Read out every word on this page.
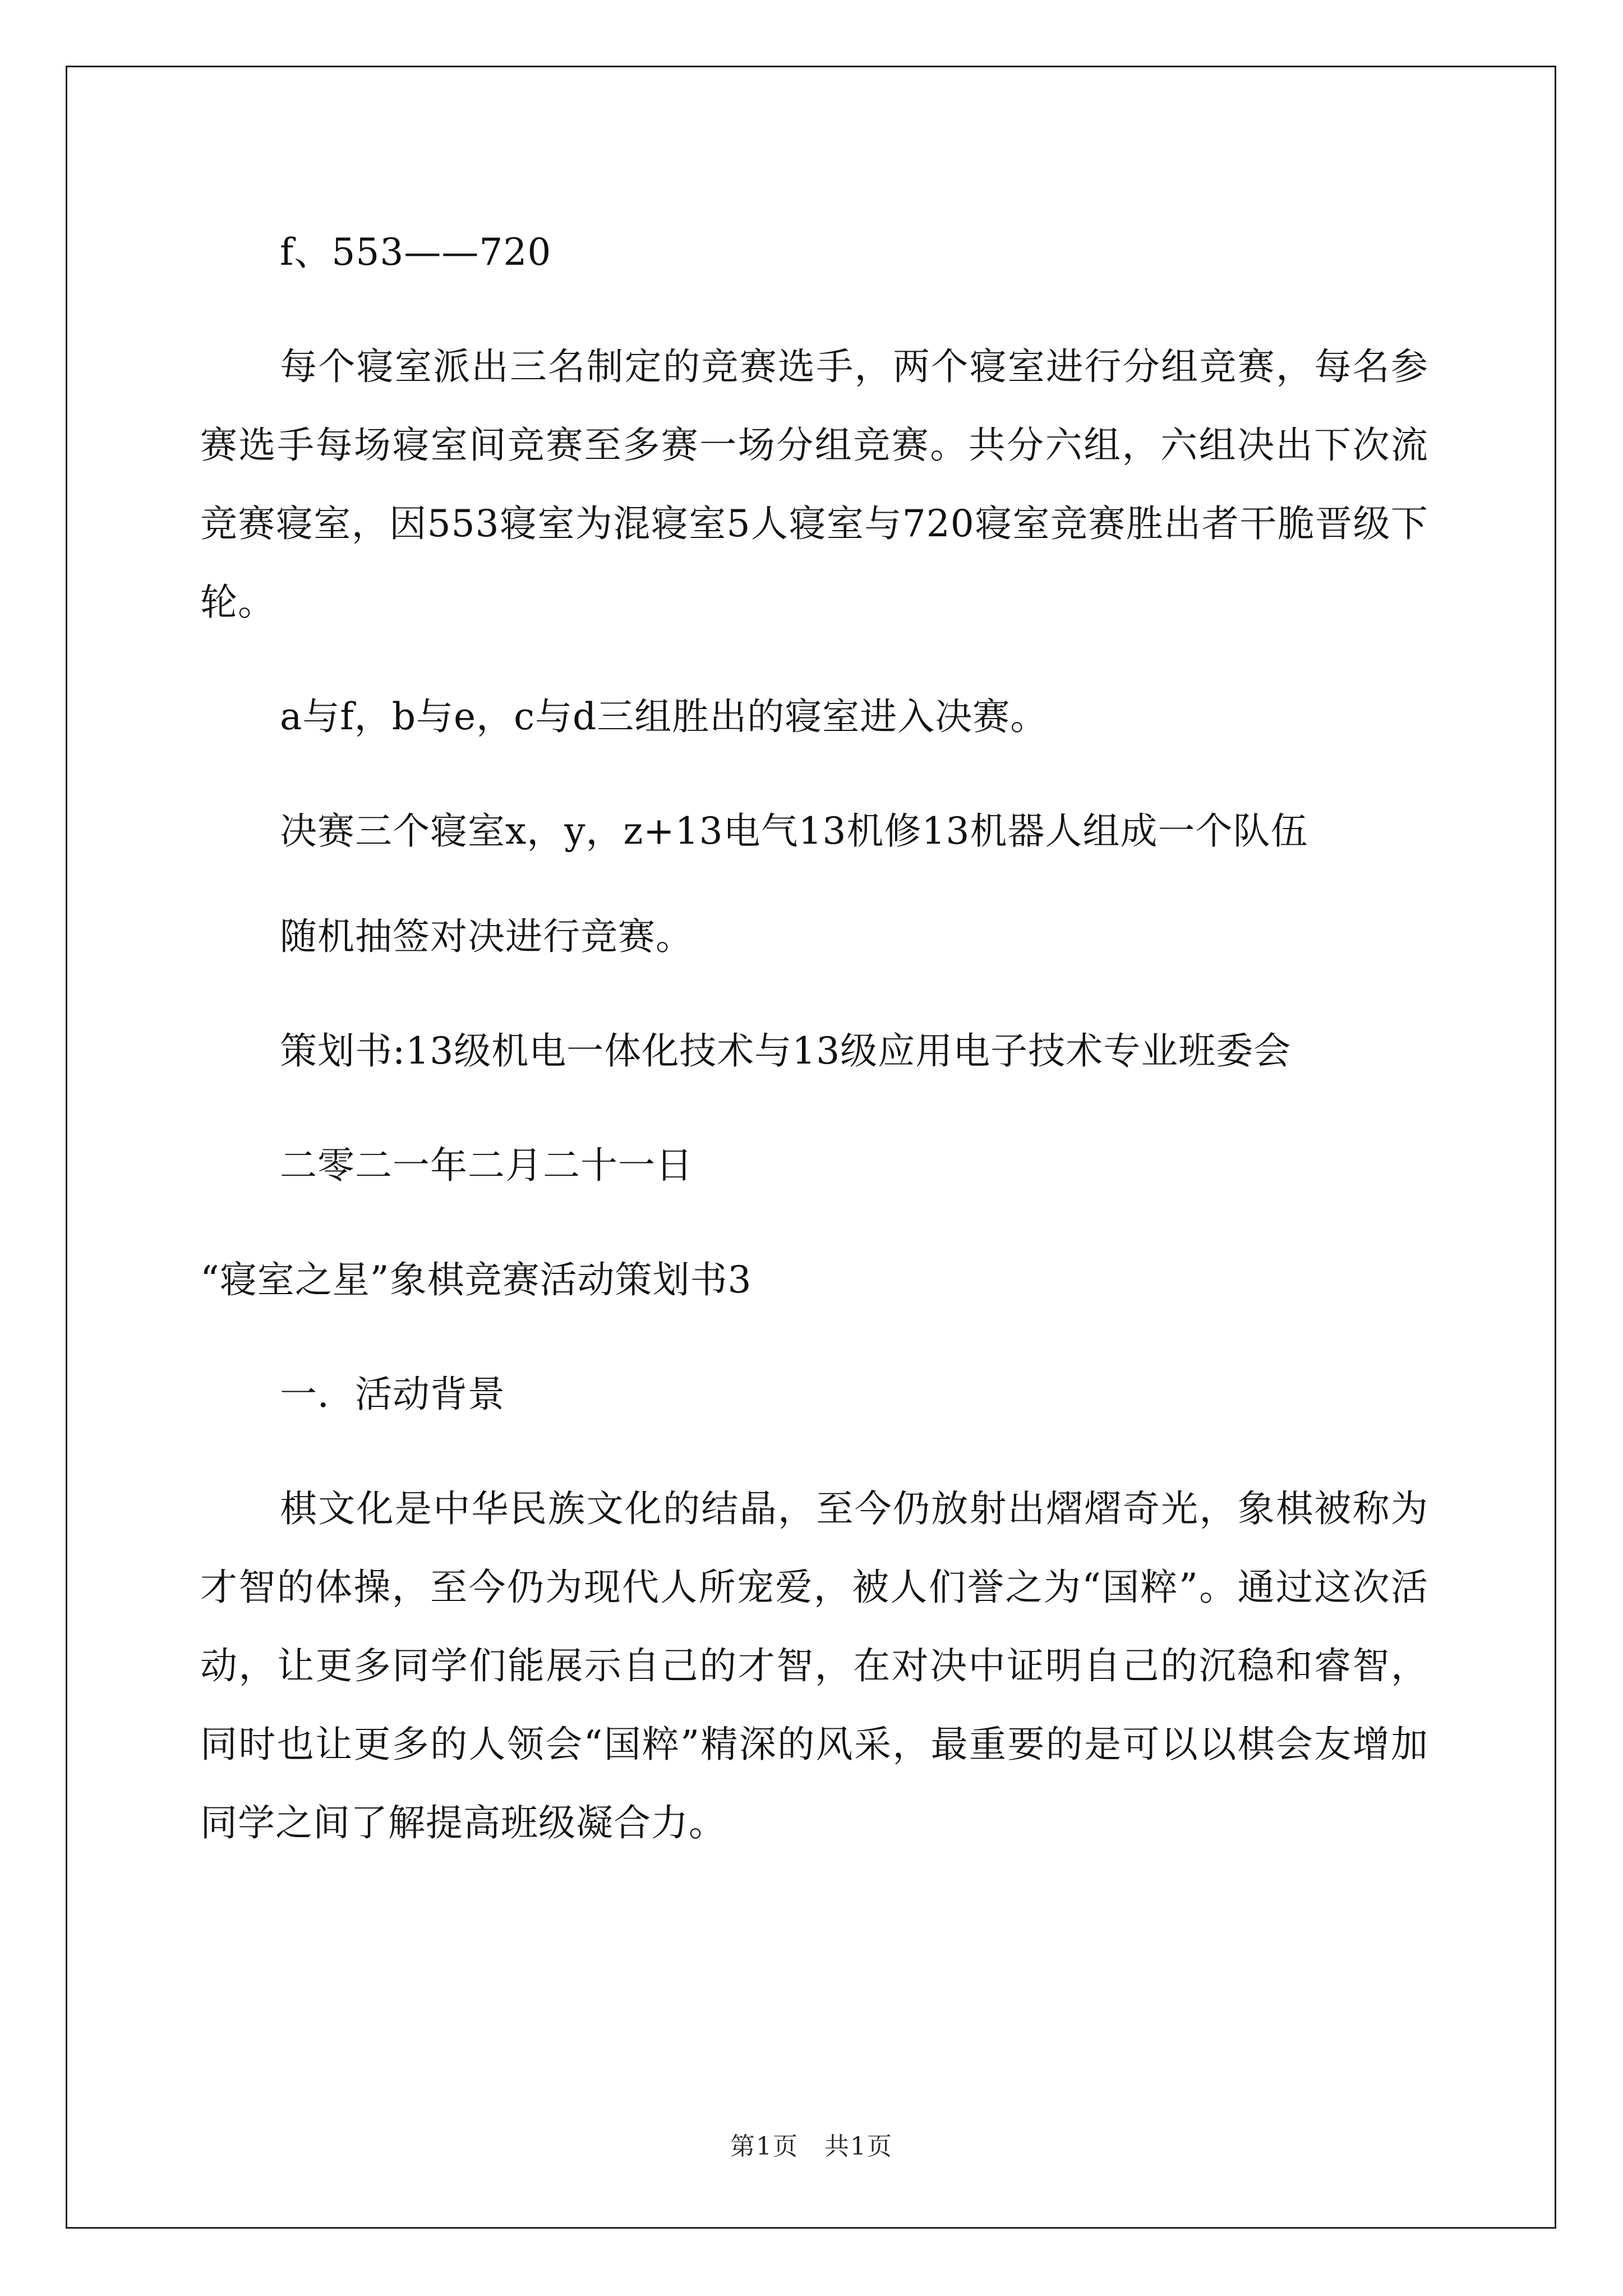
f、553——720

每个寝室派出三名制定的竞赛选手，两个寝室进行分组竞赛，每名参赛选手每场寝室间竞赛至多赛一场分组竞赛。共分六组，六组决出下次流竞赛寝室，因553寝室为混寝室5人寝室与720寝室竞赛胜出者干脆晋级下轮。

a与f，b与e，c与d三组胜出的寝室进入决赛。

决赛三个寝室x，y，z+13电气13机修13机器人组成一个队伍

随机抽签对决进行竞赛。

策划书:13级机电一体化技术与13级应用电子技术专业班委会

二零二一年二月二十一日

“寝室之星”象棋竞赛活动策划书3

一．活动背景

棋文化是中华民族文化的结晶，至今仍放射出熠熠奇光，象棋被称为才智的体操，至今仍为现代人所宠爱，被人们誉之为“国粹”。通过这次活动，让更多同学们能展示自己的才智，在对决中证明自己的沉稳和睿智，同时也让更多的人领会“国粹”精深的风采，最重要的是可以以棋会友增加同学之间了解提高班级凝合力。

第1页　共1页
